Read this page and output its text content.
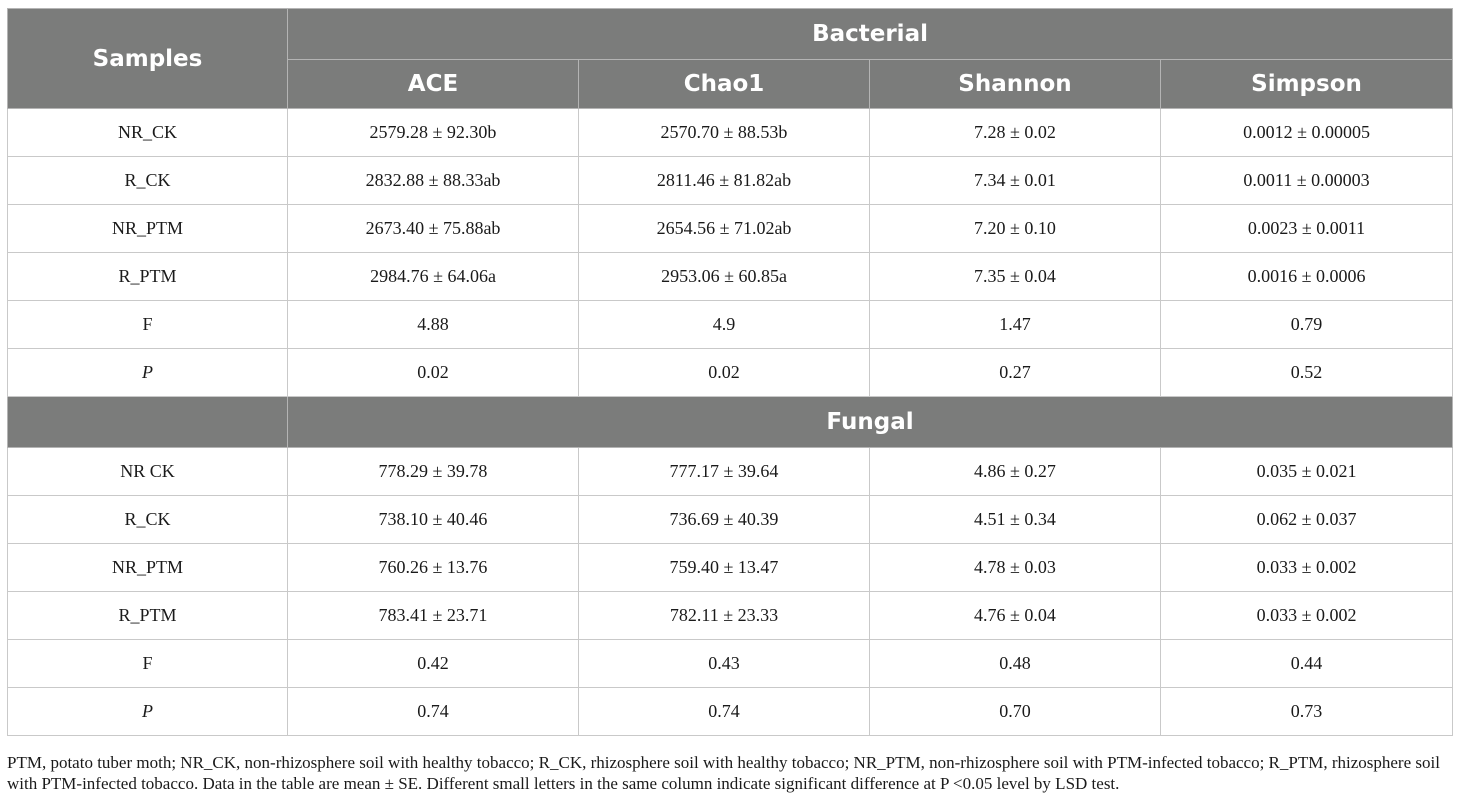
Samples	Bacterial			
	ACE	Chao1	Shannon	Simpson
NR_CK	2579.28 ± 92.30b	2570.70 ± 88.53b	7.28 ± 0.02	0.0012 ± 0.00005
R_CK	2832.88 ± 88.33ab	2811.46 ± 81.82ab	7.34 ± 0.01	0.0011 ± 0.00003
NR_PTM	2673.40 ± 75.88ab	2654.56 ± 71.02ab	7.20 ± 0.10	0.0023 ± 0.0011
R_PTM	2984.76 ± 64.06a	2953.06 ± 60.85a	7.35 ± 0.04	0.0016 ± 0.0006
F	4.88	4.9	1.47	0.79
P	0.02	0.02	0.27	0.52
	Fungal			
NR CK	778.29 ± 39.78	777.17 ± 39.64	4.86 ± 0.27	0.035 ± 0.021
R_CK	738.10 ± 40.46	736.69 ± 40.39	4.51 ± 0.34	0.062 ± 0.037
NR_PTM	760.26 ± 13.76	759.40 ± 13.47	4.78 ± 0.03	0.033 ± 0.002
R_PTM	783.41 ± 23.71	782.11 ± 23.33	4.76 ± 0.04	0.033 ± 0.002
F	0.42	0.43	0.48	0.44
P	0.74	0.74	0.70	0.73
PTM, potato tuber moth; NR_CK, non-rhizosphere soil with healthy tobacco; R_CK, rhizosphere soil with healthy tobacco; NR_PTM, non-rhizosphere soil with PTM-infected tobacco; R_PTM, rhizosphere soil with PTM-infected tobacco. Data in the table are mean ± SE. Different small letters in the same column indicate significant difference at P <0.05 level by LSD test.
